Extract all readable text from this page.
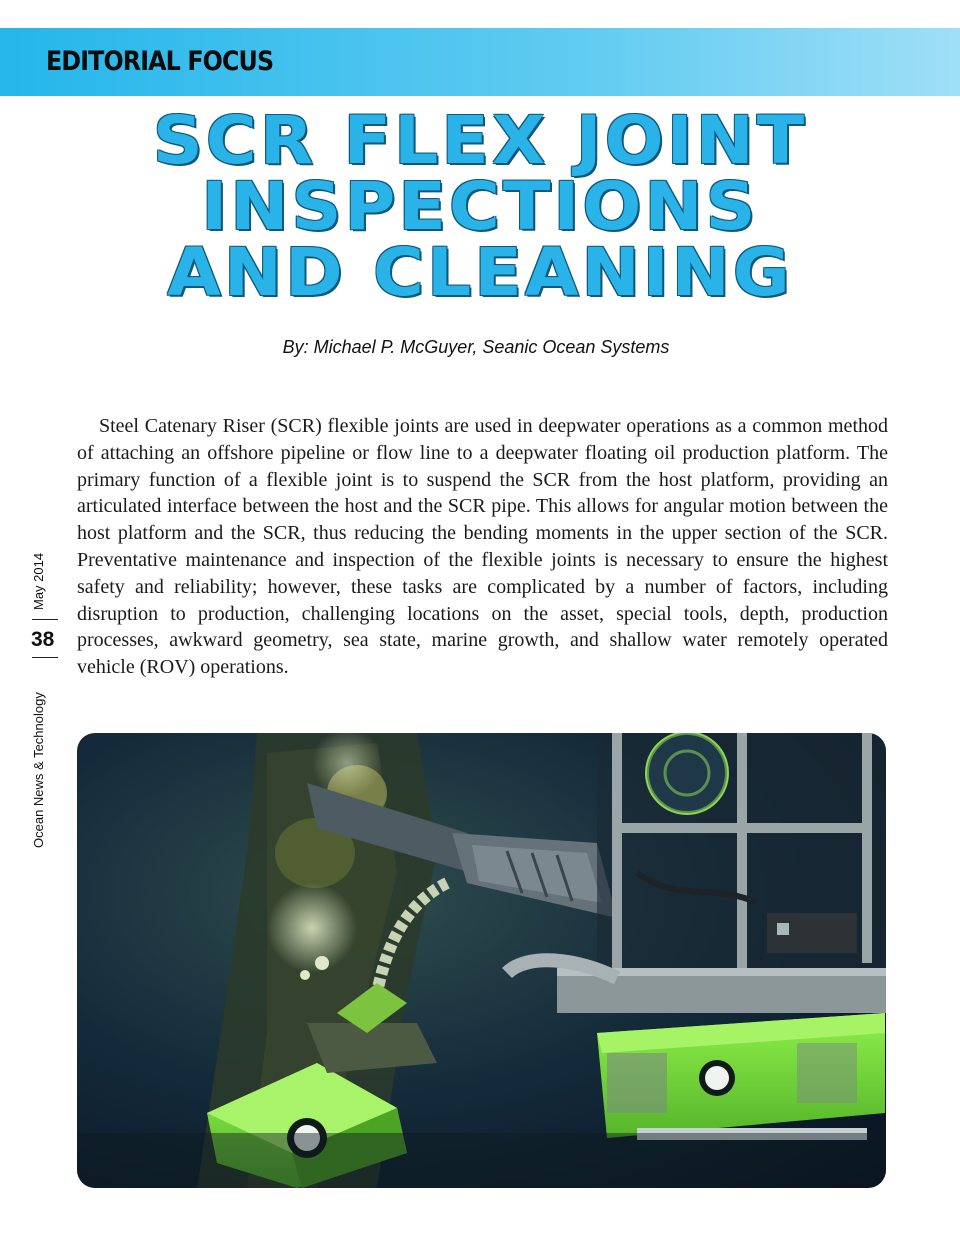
EDITORIAL FOCUS
SCR FLEX JOINT
INSPECTIONS
AND CLEANING
By: Michael P. McGuyer, Seanic Ocean Systems

Steel Catenary Riser (SCR) flexible joints are used in deepwater operations as a common method of attaching an offshore pipeline or flow line to a deepwater floating oil production platform. The primary function of a flexible joint is to suspend the SCR from the host platform, providing an articulated interface between the host and the SCR pipe. This allows for angular motion between the host platform and the SCR, thus reducing the bending moments in the upper section of the SCR. Preventative maintenance and inspection of the flexible joints is necessary to ensure the highest safety and reliability; however, these tasks are complicated by a number of factors, including disruption to production, challenging locations on the asset, special tools, depth, production processes, awkward geometry, sea state, marine growth, and shallow water remotely operated vehicle (ROV) operations.

May 2014
38
Ocean News & Technology
